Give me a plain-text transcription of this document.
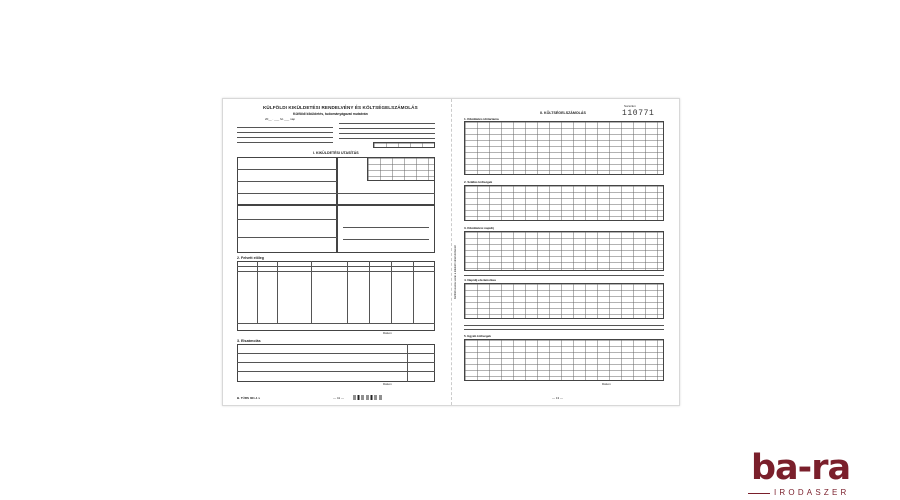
KÜLFÖLDI KIKÜLDETÉSI RENDELVÉNY ÉS KÖLTSÉGELSZÁMOLÁS
Külföldi kiküldetés, tudományágazat mutatván
20__ . ___ hó ___ nap
I. KIKÜLDETÉSI UTASÍTÁS
2. Felvett előleg
Dátum
3. Elszámolás
Dátum
B. TÜRS 301-1 v	— 41 —
Sorszám
110771
II. KÖLTSÉGELSZÁMOLÁS
1. Kiküldetés időtartama
2. Szállás költségek
3. Kiküldetési napidíj
4. Napidíj elszámolása
5. Egyéb költségek
Dátum
— 13 —
Külföldi utazás során a kiküldött által kitöltendő
ba-ra
IRODASZER
